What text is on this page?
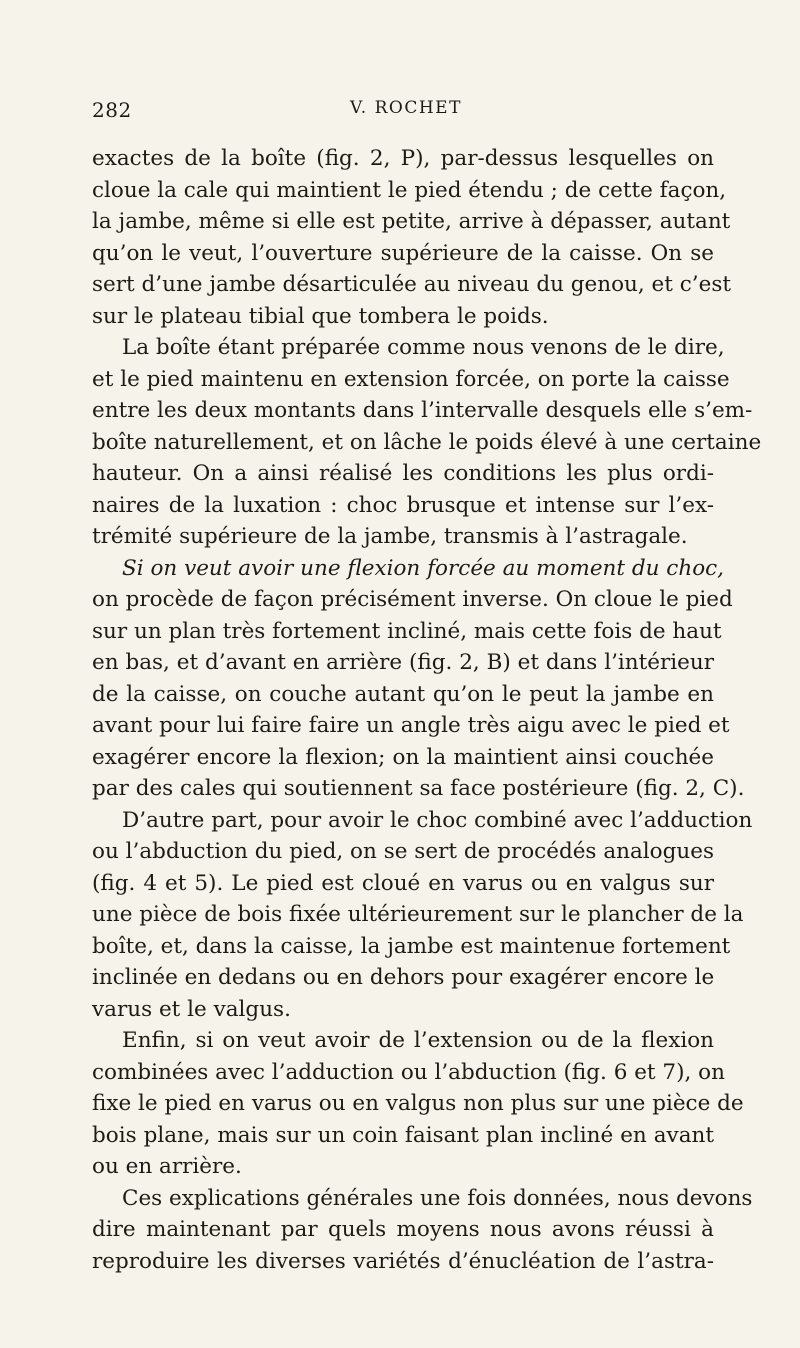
282	V. ROCHET
exactes de la boîte (fig. 2, P), par-dessus lesquelles on
cloue la cale qui maintient le pied étendu ; de cette façon,
la jambe, même si elle est petite, arrive à dépasser, autant
qu’on le veut, l’ouverture supérieure de la caisse. On se
sert d’une jambe désarticulée au niveau du genou, et c’est
sur le plateau tibial que tombera le poids.
La boîte étant préparée comme nous venons de le dire,
et le pied maintenu en extension forcée, on porte la caisse
entre les deux montants dans l’intervalle desquels elle s’em-
boîte naturellement, et on lâche le poids élevé à une certaine
hauteur. On a ainsi réalisé les conditions les plus ordi-
naires de la luxation : choc brusque et intense sur l’ex-
trémité supérieure de la jambe, transmis à l’astragale.
Si on veut avoir une flexion forcée au moment du choc,
on procède de façon précisément inverse. On cloue le pied
sur un plan très fortement incliné, mais cette fois de haut
en bas, et d’avant en arrière (fig. 2, B) et dans l’intérieur
de la caisse, on couche autant qu’on le peut la jambe en
avant pour lui faire faire un angle très aigu avec le pied et
exagérer encore la flexion; on la maintient ainsi couchée
par des cales qui soutiennent sa face postérieure (fig. 2, C).
D’autre part, pour avoir le choc combiné avec l’adduction
ou l’abduction du pied, on se sert de procédés analogues
(fig. 4 et 5). Le pied est cloué en varus ou en valgus sur
une pièce de bois fixée ultérieurement sur le plancher de la
boîte, et, dans la caisse, la jambe est maintenue fortement
inclinée en dedans ou en dehors pour exagérer encore le
varus et le valgus.
Enfin, si on veut avoir de l’extension ou de la flexion
combinées avec l’adduction ou l’abduction (fig. 6 et 7), on
fixe le pied en varus ou en valgus non plus sur une pièce de
bois plane, mais sur un coin faisant plan incliné en avant
ou en arrière.
Ces explications générales une fois données, nous devons
dire maintenant par quels moyens nous avons réussi à
reproduire les diverses variétés d’énucléation de l’astra-
